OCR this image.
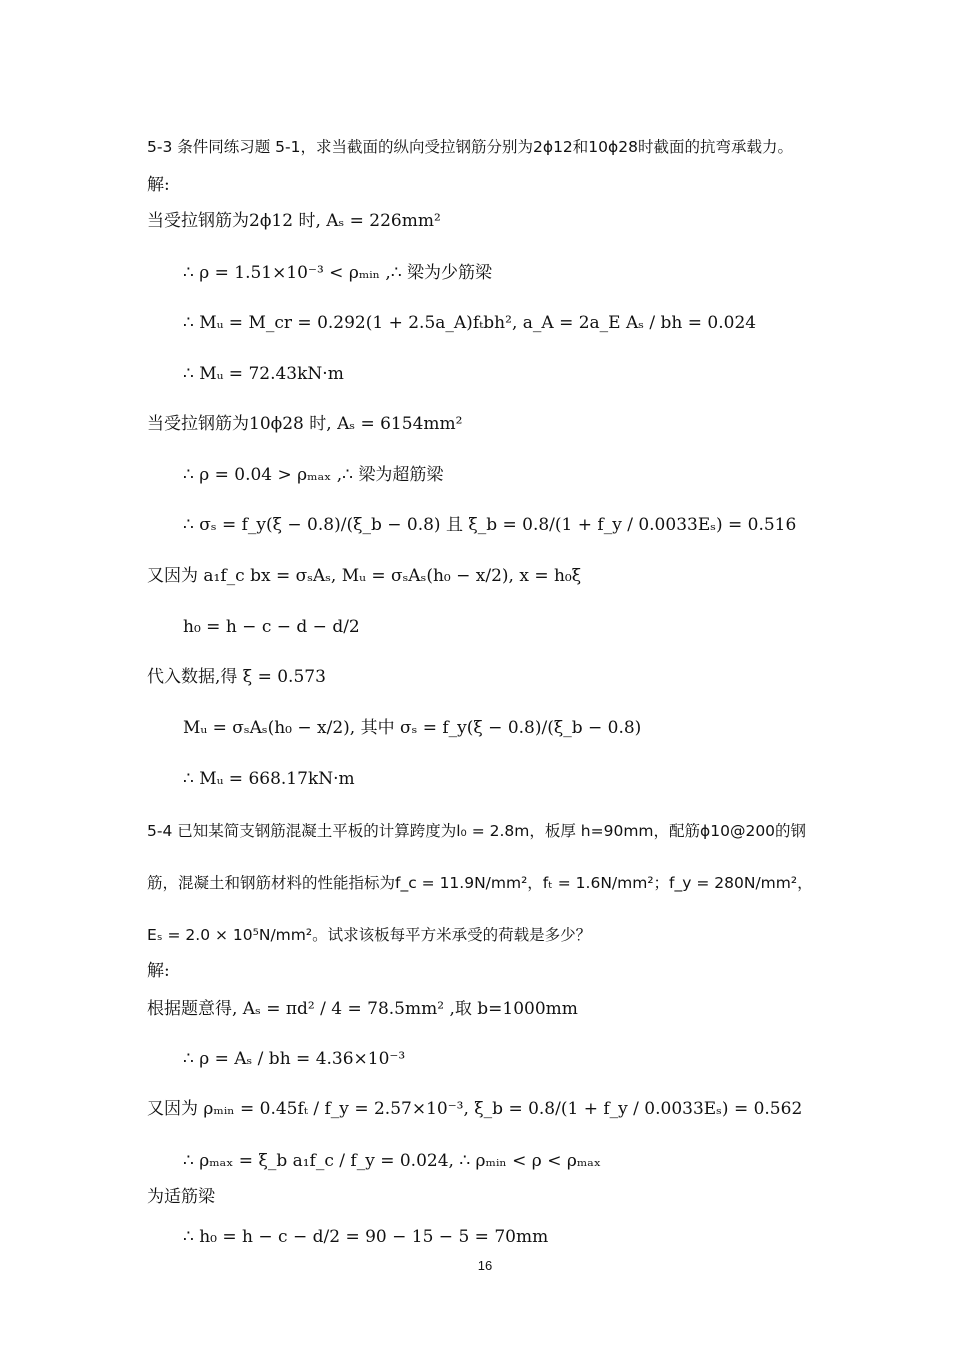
5-3 条件同练习题 5-1，求当截面的纵向受拉钢筋分别为2ϕ12和10ϕ28时截面的抗弯承载力。
解:
当受拉钢筋为2ϕ12 时, Aₛ = 226mm²
∴ ρ = 1.51×10⁻³ < ρₘᵢₙ ,∴ 梁为少筋梁
∴ Mᵤ = M_cr = 0.292(1 + 2.5a_A)fₜbh², a_A = 2a_E Aₛ / bh = 0.024
∴ Mᵤ = 72.43kN·m
当受拉钢筋为10ϕ28 时, Aₛ = 6154mm²
∴ ρ = 0.04 > ρₘₐₓ ,∴ 梁为超筋梁
∴ σₛ = f_y(ξ − 0.8)/(ξ_b − 0.8) 且 ξ_b = 0.8/(1 + f_y / 0.0033Eₛ) = 0.516
又因为 a₁f_c bx = σₛAₛ, Mᵤ = σₛAₛ(h₀ − x/2), x = h₀ξ
h₀ = h − c − d − d/2
代入数据,得 ξ = 0.573
Mᵤ = σₛAₛ(h₀ − x/2), 其中 σₛ = f_y(ξ − 0.8)/(ξ_b − 0.8)
∴ Mᵤ = 668.17kN·m
5-4 已知某简支钢筋混凝土平板的计算跨度为l₀ = 2.8m，板厚 h=90mm，配筋ϕ10@200的钢
筋，混凝土和钢筋材料的性能指标为f_c = 11.9N/mm²，fₜ = 1.6N/mm²；f_y = 280N/mm²，
Eₛ = 2.0 × 10⁵N/mm²。试求该板每平方米承受的荷载是多少？
解:
根据题意得, Aₛ = πd² / 4 = 78.5mm² ,取 b=1000mm
∴ ρ = Aₛ / bh = 4.36×10⁻³
又因为 ρₘᵢₙ = 0.45fₜ / f_y = 2.57×10⁻³, ξ_b = 0.8/(1 + f_y / 0.0033Eₛ) = 0.562
∴ ρₘₐₓ = ξ_b a₁f_c / f_y = 0.024, ∴ ρₘᵢₙ < ρ < ρₘₐₓ
为适筋梁
∴ h₀ = h − c − d/2 = 90 − 15 − 5 = 70mm
16
